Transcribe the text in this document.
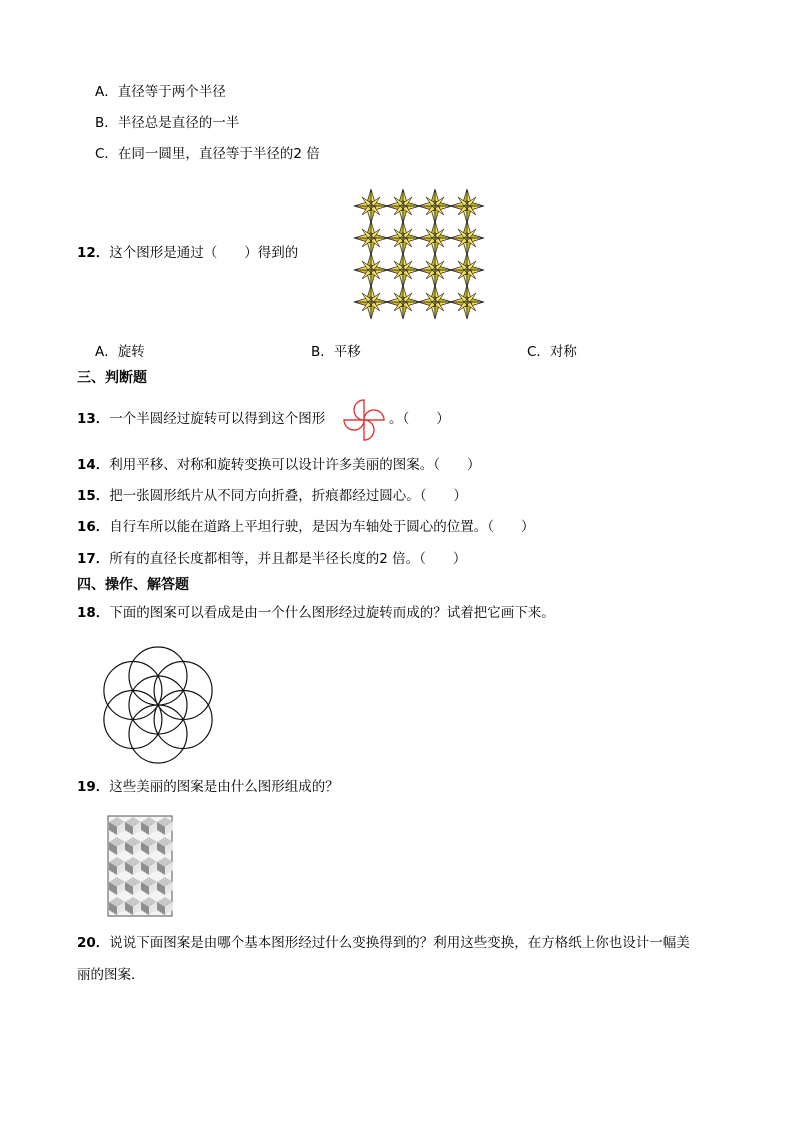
A．直径等于两个半径
B．半径总是直径的一半
C．在同一圆里，直径等于半径的2 倍
12．这个图形是通过（　　）得到的
A．旋转	B．平移	C．对称
三、判断题
13．一个半圆经过旋转可以得到这个图形	。（　　）
14．利用平移、对称和旋转变换可以设计许多美丽的图案。（　　）
15．把一张圆形纸片从不同方向折叠，折痕都经过圆心。（　　）
16．自行车所以能在道路上平坦行驶，是因为车轴处于圆心的位置。（　　）
17．所有的直径长度都相等，并且都是半径长度的2 倍。（　　）
四、操作、解答题
18．下面的图案可以看成是由一个什么图形经过旋转而成的？试着把它画下来。
19．这些美丽的图案是由什么图形组成的？
20．说说下面图案是由哪个基本图形经过什么变换得到的？利用这些变换，在方格纸上你也设计一幅美
丽的图案．
